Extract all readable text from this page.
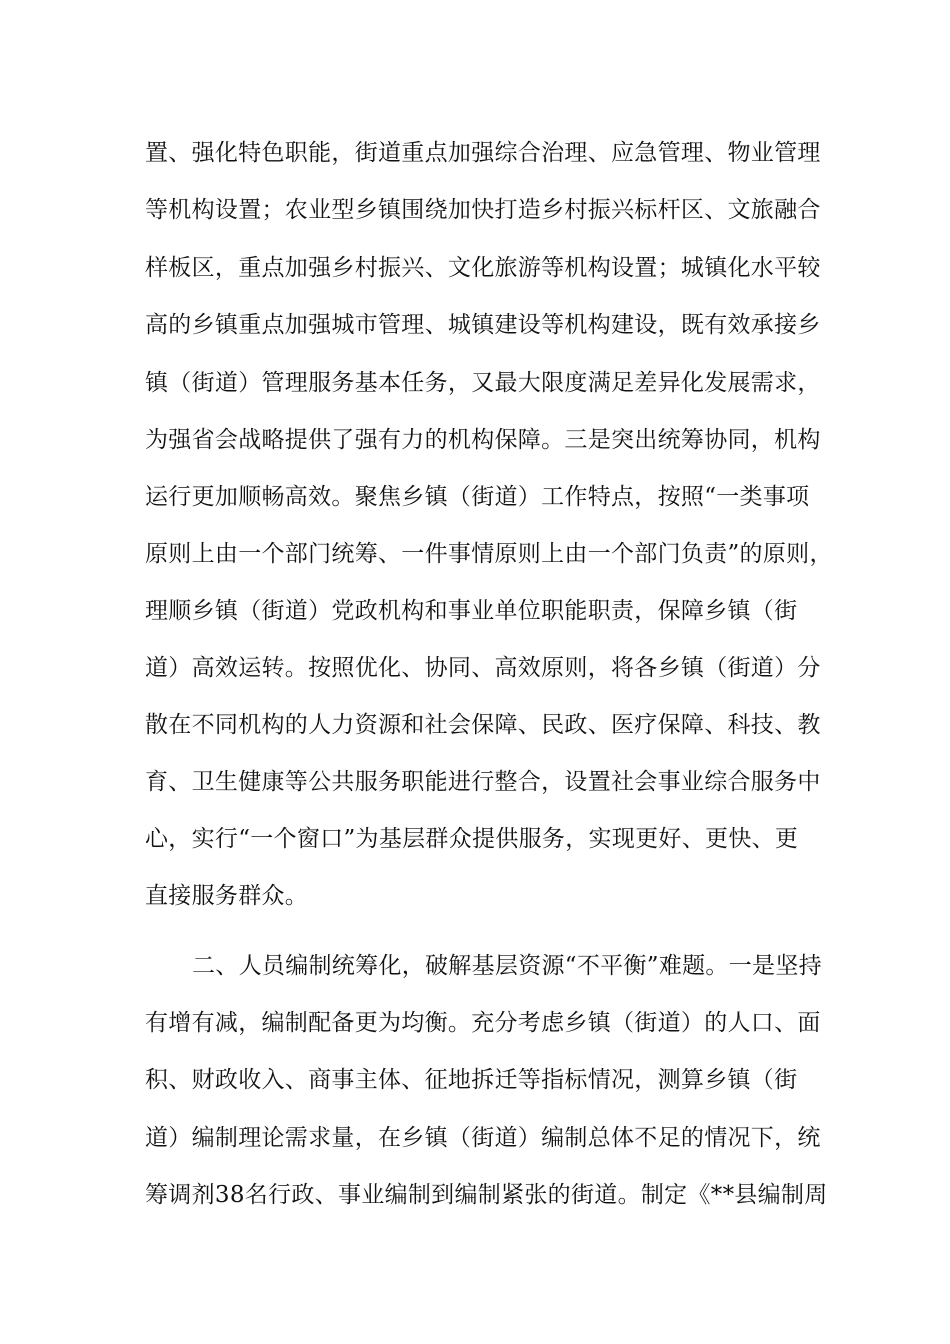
置、强化特色职能，街道重点加强综合治理、应急管理、物业管理
等机构设置；农业型乡镇围绕加快打造乡村振兴标杆区、文旅融合
样板区，重点加强乡村振兴、文化旅游等机构设置；城镇化水平较
高的乡镇重点加强城市管理、城镇建设等机构建设，既有效承接乡
镇（街道）管理服务基本任务，又最大限度满足差异化发展需求，
为强省会战略提供了强有力的机构保障。三是突出统筹协同，机构
运行更加顺畅高效。聚焦乡镇（街道）工作特点，按照“一类事项
原则上由一个部门统筹、一件事情原则上由一个部门负责”的原则，
理顺乡镇（街道）党政机构和事业单位职能职责，保障乡镇（街
道）高效运转。按照优化、协同、高效原则，将各乡镇（街道）分
散在不同机构的人力资源和社会保障、民政、医疗保障、科技、教
育、卫生健康等公共服务职能进行整合，设置社会事业综合服务中
心，实行“一个窗口”为基层群众提供服务，实现更好、更快、更
直接服务群众。
二、人员编制统筹化，破解基层资源“不平衡”难题。一是坚持
有增有减，编制配备更为均衡。充分考虑乡镇（街道）的人口、面
积、财政收入、商事主体、征地拆迁等指标情况，测算乡镇（街
道）编制理论需求量，在乡镇（街道）编制总体不足的情况下，统
筹调剂38名行政、事业编制到编制紧张的街道。制定《**县编制周
